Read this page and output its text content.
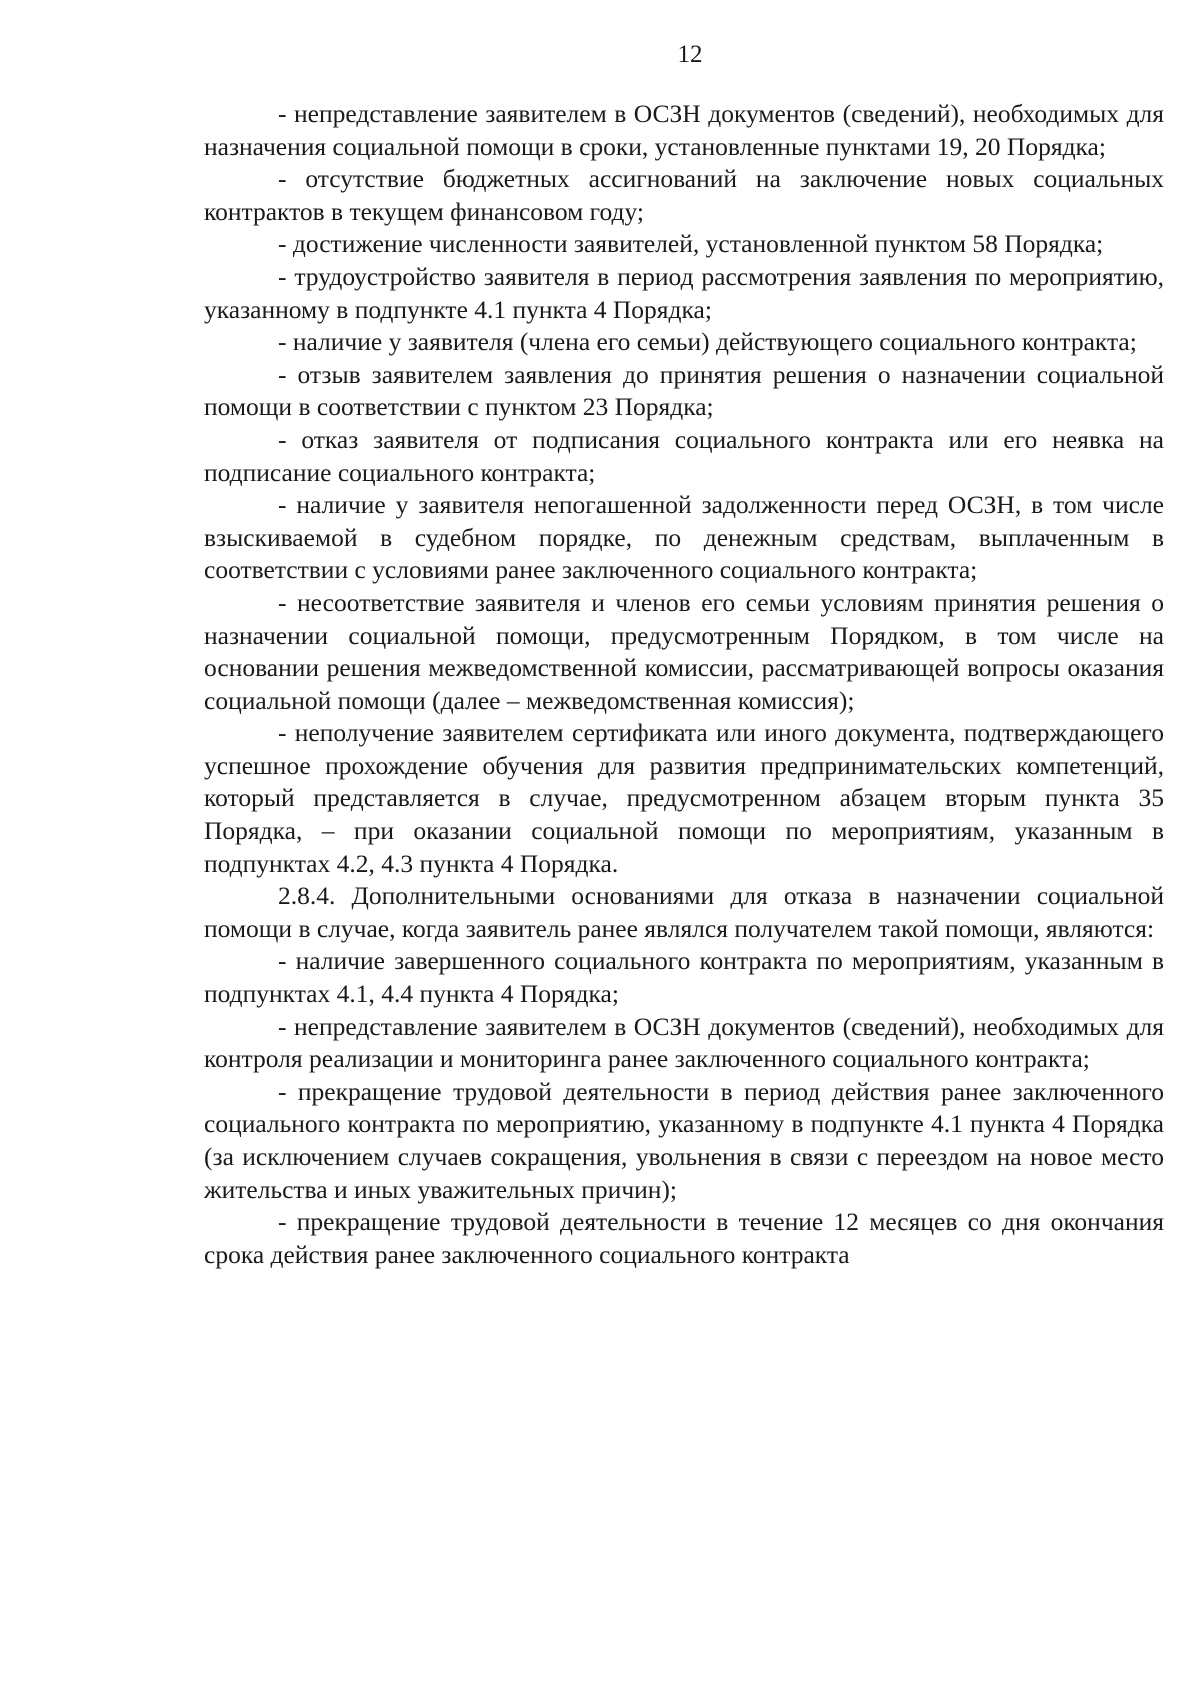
12

- непредставление заявителем в ОСЗН документов (сведений), необходимых для назначения социальной помощи в сроки, установленные пунктами 19, 20 Порядка;

- отсутствие бюджетных ассигнований на заключение новых социальных контрактов в текущем финансовом году;

- достижение численности заявителей, установленной пунктом 58 Порядка;

- трудоустройство заявителя в период рассмотрения заявления по мероприятию, указанному в подпункте 4.1 пункта 4 Порядка;

- наличие у заявителя (члена его семьи) действующего социального контракта;

- отзыв заявителем заявления до принятия решения о назначении социальной помощи в соответствии с пунктом 23 Порядка;

- отказ заявителя от подписания социального контракта или его неявка на подписание социального контракта;

- наличие у заявителя непогашенной задолженности перед ОСЗН, в том числе взыскиваемой в судебном порядке, по денежным средствам, выплаченным в соответствии с условиями ранее заключенного социального контракта;

- несоответствие заявителя и членов его семьи условиям принятия решения о назначении социальной помощи, предусмотренным Порядком, в том числе на основании решения межведомственной комиссии, рассматривающей вопросы оказания социальной помощи (далее – межведомственная комиссия);

- неполучение заявителем сертификата или иного документа, подтверждающего успешное прохождение обучения для развития предпринимательских компетенций, который представляется в случае, предусмотренном абзацем вторым пункта 35 Порядка, – при оказании социальной помощи по мероприятиям, указанным в подпунктах 4.2, 4.3 пункта 4 Порядка.

2.8.4. Дополнительными основаниями для отказа в назначении социальной помощи в случае, когда заявитель ранее являлся получателем такой помощи, являются:

- наличие завершенного социального контракта по мероприятиям, указанным в подпунктах 4.1, 4.4 пункта 4 Порядка;

- непредставление заявителем в ОСЗН документов (сведений), необходимых для контроля реализации и мониторинга ранее заключенного социального контракта;

- прекращение трудовой деятельности в период действия ранее заключенного социального контракта по мероприятию, указанному в подпункте 4.1 пункта 4 Порядка (за исключением случаев сокращения, увольнения в связи с переездом на новое место жительства и иных уважительных причин);

- прекращение трудовой деятельности в течение 12 месяцев со дня окончания срока действия ранее заключенного социального контракта
